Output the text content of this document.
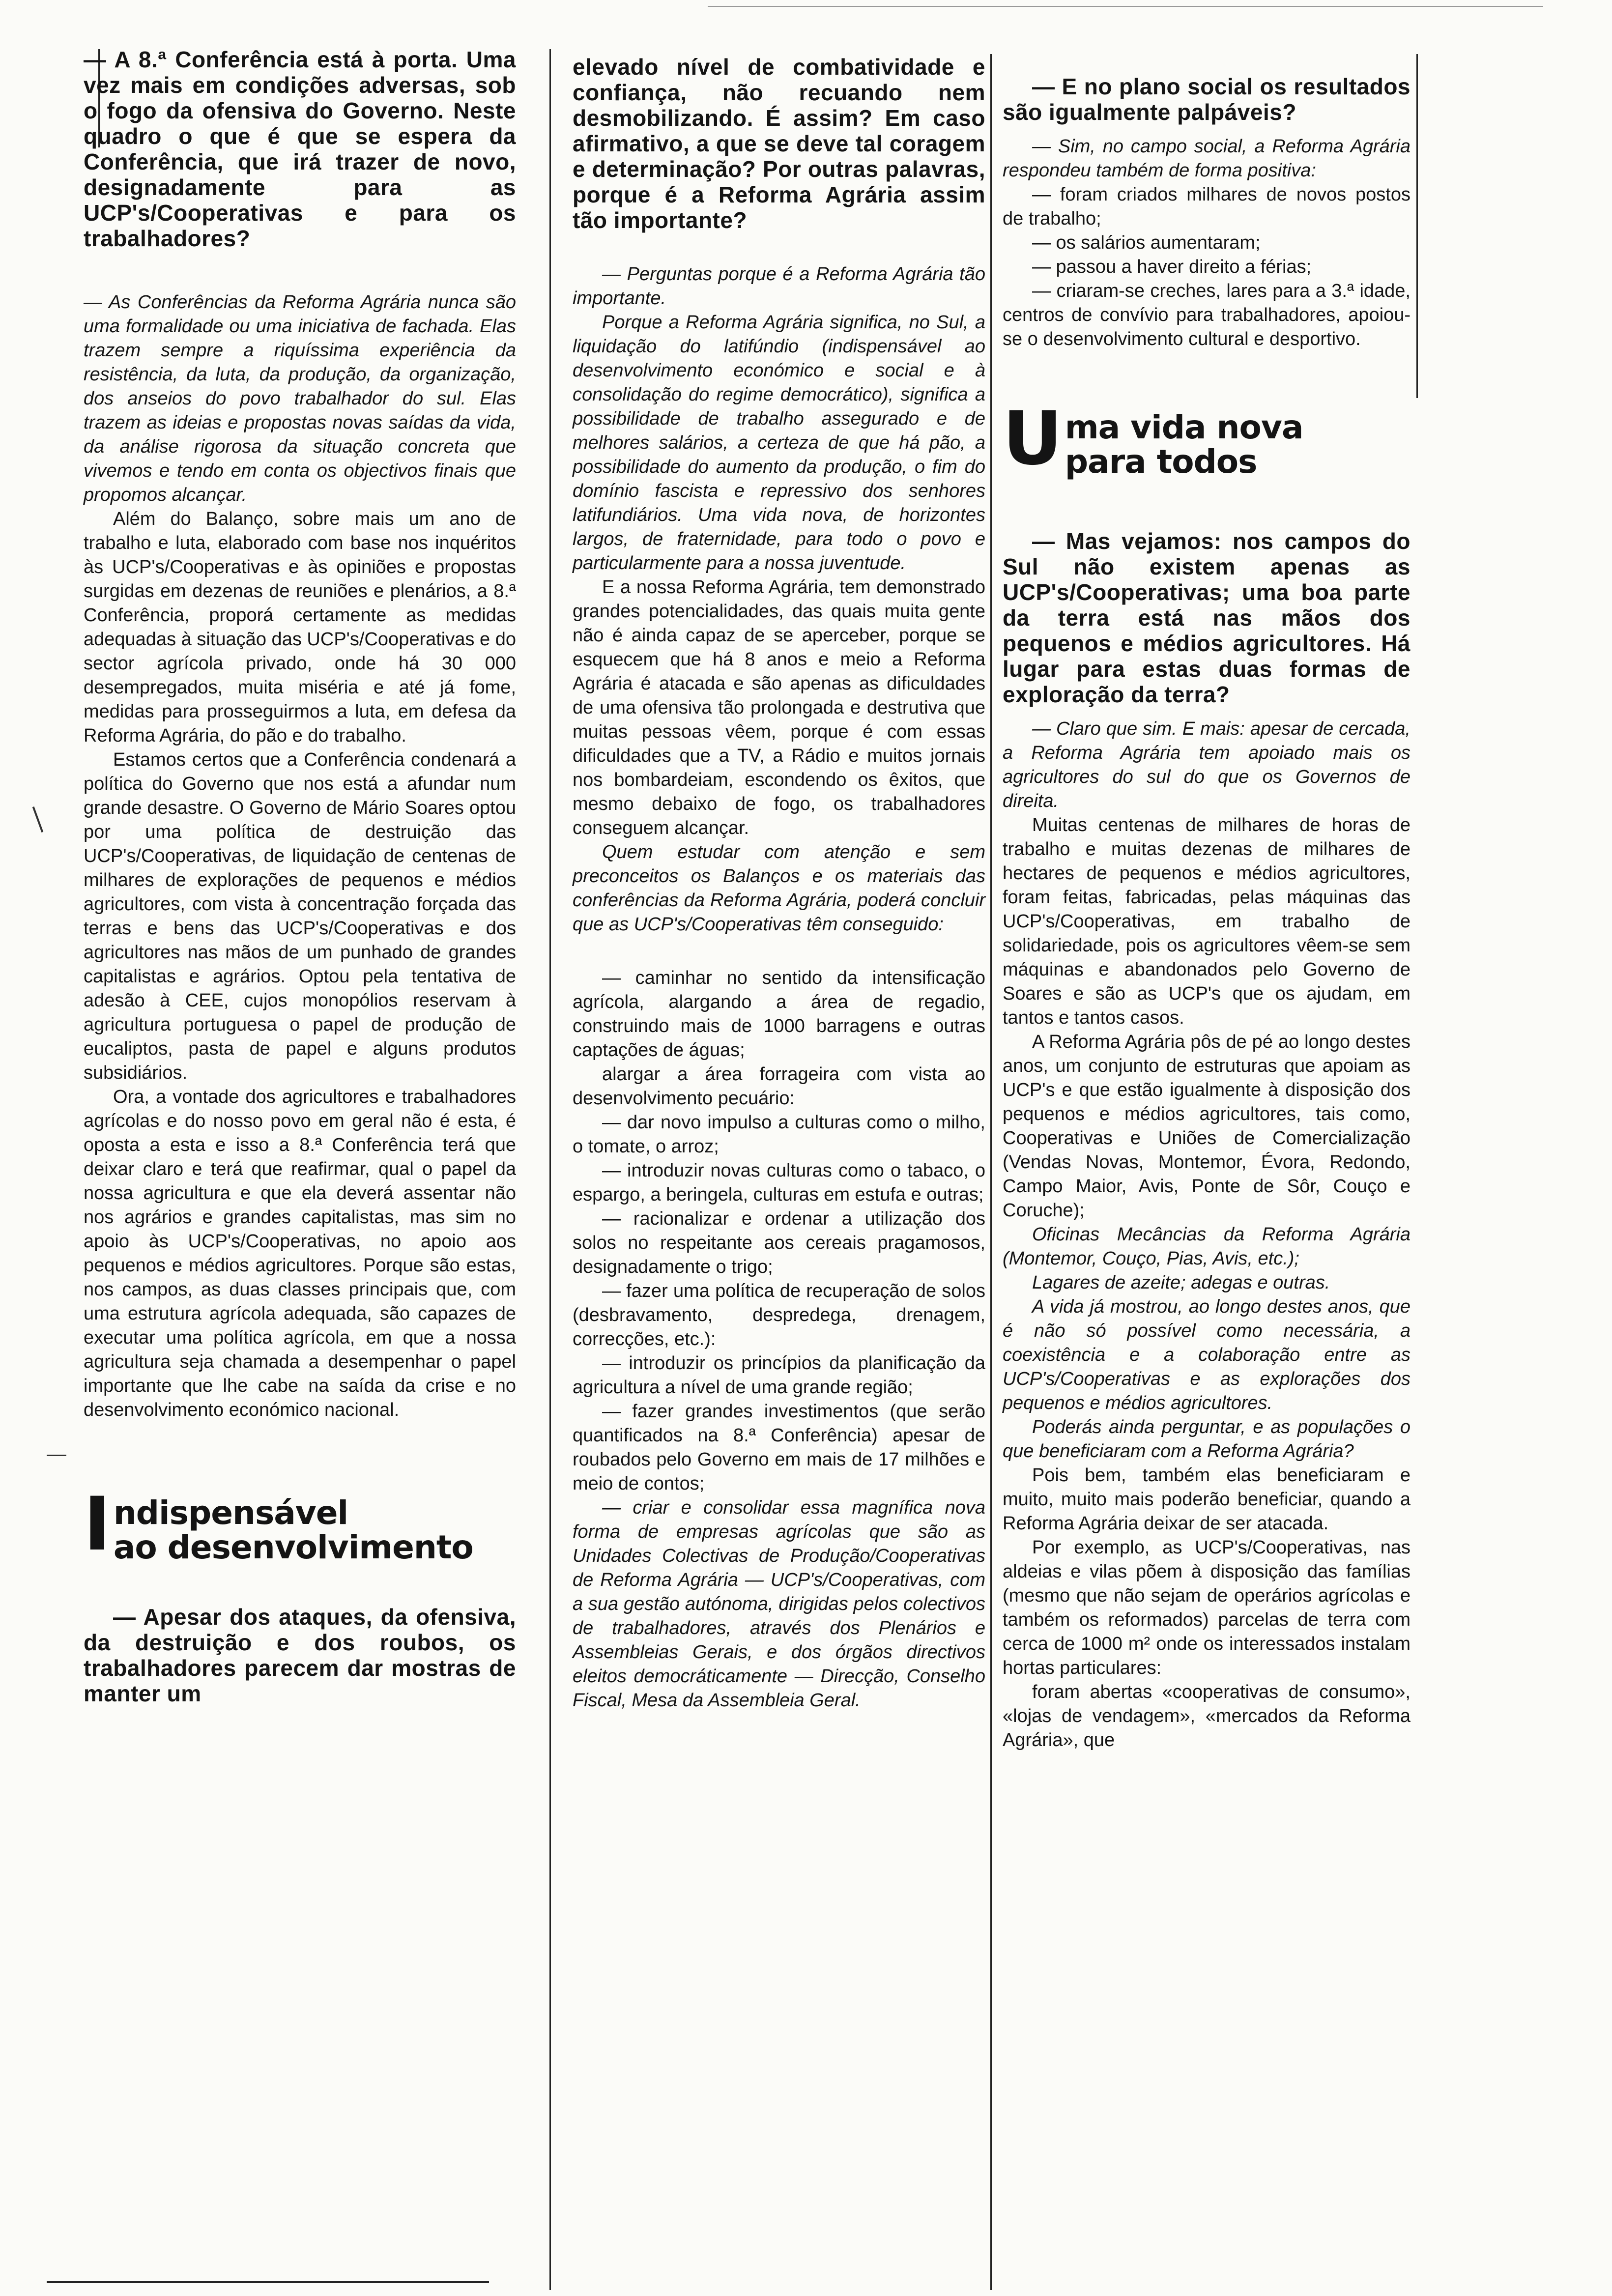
— A 8.ª Conferência está à porta. Uma vez mais em condições adversas, sob o fogo da ofensiva do Governo. Neste quadro o que é que se espera da Conferência, que irá trazer de novo, designadamente para as UCP's/Cooperativas e para os trabalhadores?

— As Conferências da Reforma Agrária nunca são uma formalidade ou uma iniciativa de fachada. Elas trazem sempre a riquíssima experiência da resistência, da luta, da produção, da organização, dos anseios do povo trabalhador do sul. Elas trazem as ideias e propostas novas saídas da vida, da análise rigorosa da situação concreta que vivemos e tendo em conta os objectivos finais que propomos alcançar.

Além do Balanço, sobre mais um ano de trabalho e luta, elaborado com base nos inquéritos às UCP's/Cooperativas e às opiniões e propostas surgidas em dezenas de reuniões e plenários, a 8.ª Conferência, proporá certamente as medidas adequadas à situação das UCP's/Cooperativas e do sector agrícola privado, onde há 30 000 desempregados, muita miséria e até já fome, medidas para prosseguirmos a luta, em defesa da Reforma Agrária, do pão e do trabalho.

Estamos certos que a Conferência condenará a política do Governo que nos está a afundar num grande desastre. O Governo de Mário Soares optou por uma política de destruição das UCP's/Cooperativas, de liquidação de centenas de milhares de explorações de pequenos e médios agricultores, com vista à concentração forçada das terras e bens das UCP's/Cooperativas e dos agricultores nas mãos de um punhado de grandes capitalistas e agrários. Optou pela tentativa de adesão à CEE, cujos monopólios reservam à agricultura portuguesa o papel de produção de eucaliptos, pasta de papel e alguns produtos subsidiários.

Ora, a vontade dos agricultores e trabalhadores agrícolas e do nosso povo em geral não é esta, é oposta a esta e isso a 8.ª Conferência terá que deixar claro e terá que reafirmar, qual o papel da nossa agricultura e que ela deverá assentar não nos agrários e grandes capitalistas, mas sim no apoio às UCP's/Cooperativas, no apoio aos pequenos e médios agricultores. Porque são estas, nos campos, as duas classes principais que, com uma estrutura agrícola adequada, são capazes de executar uma política agrícola, em que a nossa agricultura seja chamada a desempenhar o papel importante que lhe cabe na saída da crise e no desenvolvimento económico nacional.

I ndispensável
ao desenvolvimento

— Apesar dos ataques, da ofensiva, da destruição e dos roubos, os trabalhadores parecem dar mostras de manter um

elevado nível de combatividade e confiança, não recuando nem desmobilizando. É assim? Em caso afirmativo, a que se deve tal coragem e determinação? Por outras palavras, porque é a Reforma Agrária assim tão importante?

— Perguntas porque é a Reforma Agrária tão importante.

Porque a Reforma Agrária significa, no Sul, a liquidação do latifúndio (indispensável ao desenvolvimento económico e social e à consolidação do regime democrático), significa a possibilidade de trabalho assegurado e de melhores salários, a certeza de que há pão, a possibilidade do aumento da produção, o fim do domínio fascista e repressivo dos senhores latifundiários. Uma vida nova, de horizontes largos, de fraternidade, para todo o povo e particularmente para a nossa juventude.

E a nossa Reforma Agrária, tem demonstrado grandes potencialidades, das quais muita gente não é ainda capaz de se aperceber, porque se esquecem que há 8 anos e meio a Reforma Agrária é atacada e são apenas as dificuldades de uma ofensiva tão prolongada e destrutiva que muitas pessoas vêem, porque é com essas dificuldades que a TV, a Rádio e muitos jornais nos bombardeiam, escondendo os êxitos, que mesmo debaixo de fogo, os trabalhadores conseguem alcançar.

Quem estudar com atenção e sem preconceitos os Balanços e os materiais das conferências da Reforma Agrária, poderá concluir que as UCP's/Cooperativas têm conseguido:

— caminhar no sentido da intensificação agrícola, alargando a área de regadio, construindo mais de 1000 barragens e outras captações de águas;

alargar a área forrageira com vista ao desenvolvimento pecuário:

— dar novo impulso a culturas como o milho, o tomate, o arroz;

— introduzir novas culturas como o tabaco, o espargo, a beringela, culturas em estufa e outras;

— racionalizar e ordenar a utilização dos solos no respeitante aos cereais pragamosos, designadamente o trigo;

— fazer uma política de recuperação de solos (desbravamento, despredega, drenagem, correcções, etc.):

— introduzir os princípios da planificação da agricultura a nível de uma grande região;

— fazer grandes investimentos (que serão quantificados na 8.ª Conferência) apesar de roubados pelo Governo em mais de 17 milhões e meio de contos;

— criar e consolidar essa magnífica nova forma de empresas agrícolas que são as Unidades Colectivas de Produção/Cooperativas de Reforma Agrária — UCP's/Cooperativas, com a sua gestão autónoma, dirigidas pelos colectivos de trabalhadores, através dos Plenários e Assembleias Gerais, e dos órgãos directivos eleitos democráticamente — Direcção, Conselho Fiscal, Mesa da Assembleia Geral.

— E no plano social os resultados são igualmente palpáveis?

— Sim, no campo social, a Reforma Agrária respondeu também de forma positiva:

— foram criados milhares de novos postos de trabalho;

— os salários aumentaram;

— passou a haver direito a férias;

— criaram-se creches, lares para a 3.ª idade, centros de convívio para trabalhadores, apoiou-se o desenvolvimento cultural e desportivo.

U ma vida nova
para todos

— Mas vejamos: nos campos do Sul não existem apenas as UCP's/Cooperativas; uma boa parte da terra está nas mãos dos pequenos e médios agricultores. Há lugar para estas duas formas de exploração da terra?

— Claro que sim. E mais: apesar de cercada, a Reforma Agrária tem apoiado mais os agricultores do sul do que os Governos de direita.

Muitas centenas de milhares de horas de trabalho e muitas dezenas de milhares de hectares de pequenos e médios agricultores, foram feitas, fabricadas, pelas máquinas das UCP's/Cooperativas, em trabalho de solidariedade, pois os agricultores vêem-se sem máquinas e abandonados pelo Governo de Soares e são as UCP's que os ajudam, em tantos e tantos casos.

A Reforma Agrária pôs de pé ao longo destes anos, um conjunto de estruturas que apoiam as UCP's e que estão igualmente à disposição dos pequenos e médios agricultores, tais como, Cooperativas e Uniões de Comercialização (Vendas Novas, Montemor, Évora, Redondo, Campo Maior, Avis, Ponte de Sôr, Couço e Coruche);

Oficinas Mecâncias da Reforma Agrária (Montemor, Couço, Pias, Avis, etc.);

Lagares de azeite; adegas e outras.

A vida já mostrou, ao longo destes anos, que é não só possível como necessária, a coexistência e a colaboração entre as UCP's/Cooperativas e as explorações dos pequenos e médios agricultores.

Poderás ainda perguntar, e as populações o que beneficiaram com a Reforma Agrária?

Pois bem, também elas beneficiaram e muito, muito mais poderão beneficiar, quando a Reforma Agrária deixar de ser atacada.

Por exemplo, as UCP's/Cooperativas, nas aldeias e vilas põem à disposição das famílias (mesmo que não sejam de operários agrícolas e também os reformados) parcelas de terra com cerca de 1000 m² onde os interessados instalam hortas particulares:

foram abertas «cooperativas de consumo», «lojas de vendagem», «mercados da Reforma Agrária», que
